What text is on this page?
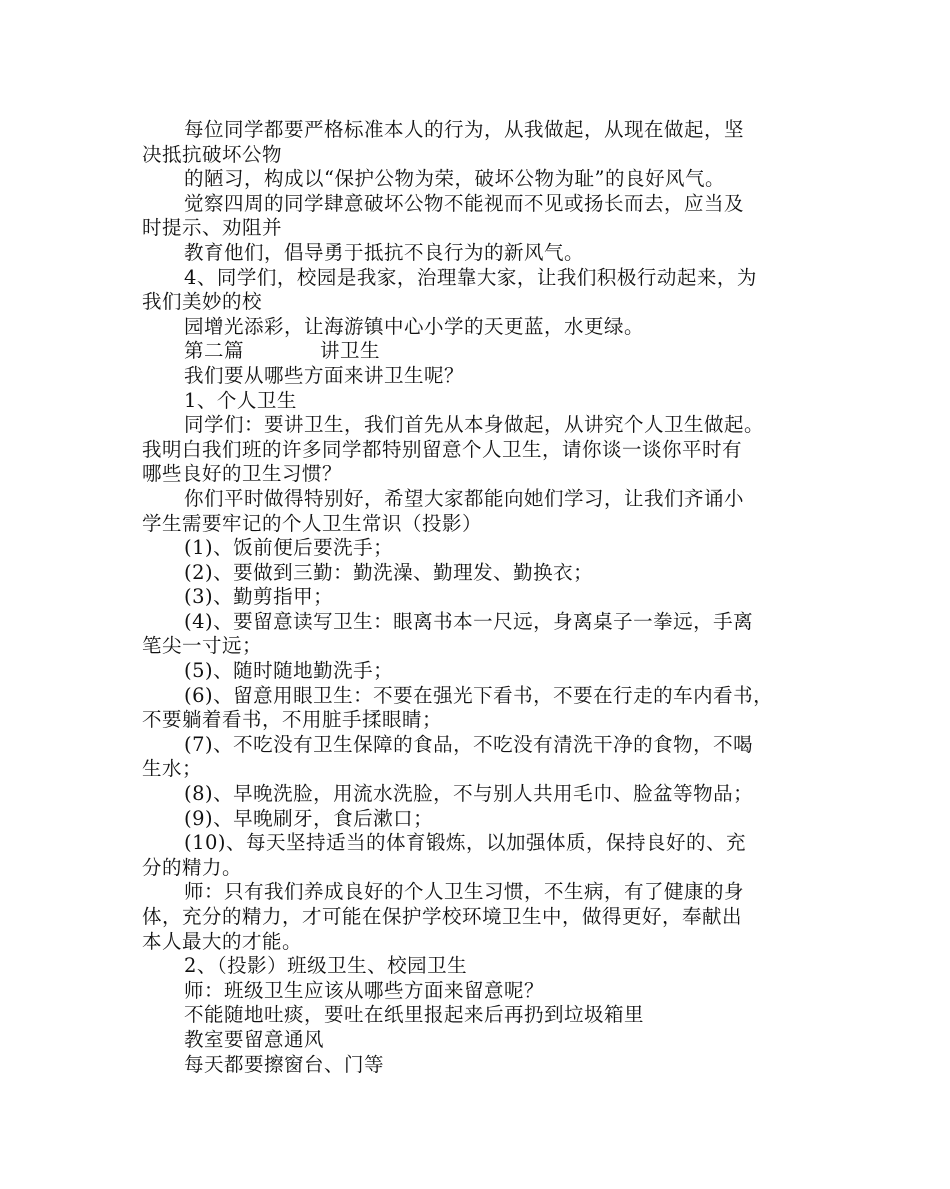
每位同学都要严格标准本人的行为，从我做起，从现在做起，坚
决抵抗破坏公物
的陋习，构成以“保护公物为荣，破坏公物为耻”的良好风气。
觉察四周的同学肆意破坏公物不能视而不见或扬长而去，应当及
时提示、劝阻并
教育他们，倡导勇于抵抗不良行为的新风气。
4、同学们，校园是我家，治理靠大家，让我们积极行动起来，为
我们美妙的校
园增光添彩，让海游镇中心小学的天更蓝，水更绿。
第二篇	讲卫生
我们要从哪些方面来讲卫生呢？
1、个人卫生
同学们：要讲卫生，我们首先从本身做起，从讲究个人卫生做起。
我明白我们班的许多同学都特别留意个人卫生，请你谈一谈你平时有
哪些良好的卫生习惯？
你们平时做得特别好，希望大家都能向她们学习，让我们齐诵小
学生需要牢记的个人卫生常识（投影）
(1)、饭前便后要洗手；
(2)、要做到三勤：勤洗澡、勤理发、勤换衣；
(3)、勤剪指甲；
(4)、要留意读写卫生：眼离书本一尺远，身离桌子一拳远，手离
笔尖一寸远；
(5)、随时随地勤洗手；
(6)、留意用眼卫生：不要在强光下看书，不要在行走的车内看书，
不要躺着看书，不用脏手揉眼睛；
(7)、不吃没有卫生保障的食品，不吃没有清洗干净的食物，不喝
生水；
(8)、早晚洗脸，用流水洗脸，不与别人共用毛巾、脸盆等物品；
(9)、早晚刷牙，食后漱口；
(10)、每天坚持适当的体育锻炼，以加强体质，保持良好的、充
分的精力。
师：只有我们养成良好的个人卫生习惯，不生病，有了健康的身
体，充分的精力，才可能在保护学校环境卫生中，做得更好，奉献出
本人最大的才能。
2、（投影）班级卫生、校园卫生
师：班级卫生应该从哪些方面来留意呢？
不能随地吐痰，要吐在纸里报起来后再扔到垃圾箱里
教室要留意通风
每天都要擦窗台、门等
